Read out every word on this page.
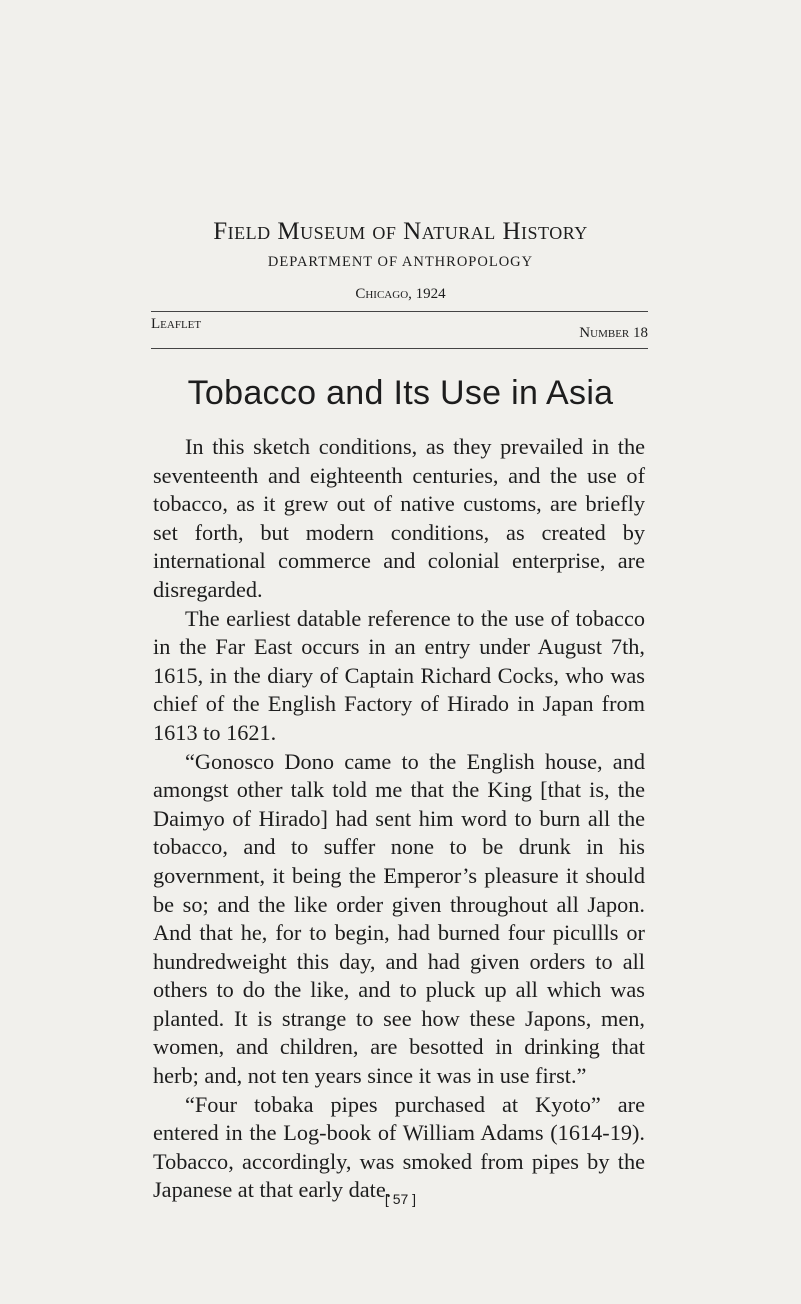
Field Museum of Natural History
DEPARTMENT OF ANTHROPOLOGY
Chicago, 1924
Leaflet
Number 18
Tobacco and Its Use in Asia

In this sketch conditions, as they prevailed in the seventeenth and eighteenth centuries, and the use of tobacco, as it grew out of native customs, are briefly set forth, but modern conditions, as created by international commerce and colonial enterprise, are disregarded.

The earliest datable reference to the use of tobacco in the Far East occurs in an entry under August 7th, 1615, in the diary of Captain Richard Cocks, who was chief of the English Factory of Hirado in Japan from 1613 to 1621.

“Gonosco Dono came to the English house, and amongst other talk told me that the King [that is, the Daimyo of Hirado] had sent him word to burn all the tobacco, and to suffer none to be drunk in his government, it being the Emperor’s pleasure it should be so; and the like order given throughout all Japon. And that he, for to begin, had burned four picullls or hundredweight this day, and had given orders to all others to do the like, and to pluck up all which was planted. It is strange to see how these Japons, men, women, and children, are besotted in drinking that herb; and, not ten years since it was in use first.”

“Four tobaka pipes purchased at Kyoto” are entered in the Log-book of William Adams (1614-19). Tobacco, accordingly, was smoked from pipes by the Japanese at that early date.

[ 57 ]
